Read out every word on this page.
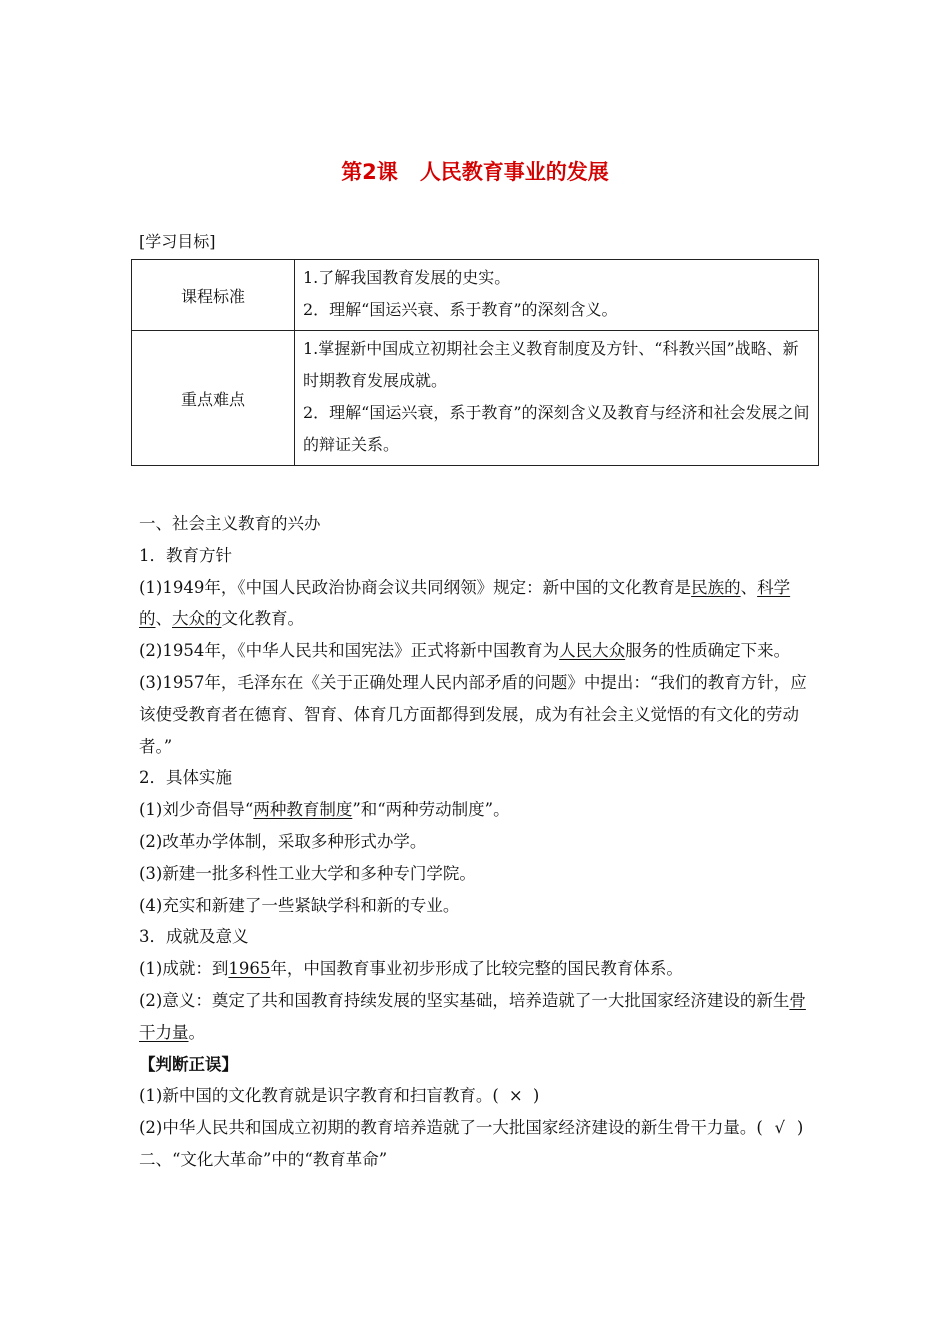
第2课 人民教育事业的发展
[学习目标]
课程标准	1.了解我国教育发展的史实。

2．理解“国运兴衰、系于教育”的深刻含义。

重点难点	1.掌握新中国成立初期社会主义教育制度及方针、“科教兴国”战略、新时期教育发展成就。

2．理解“国运兴衰，系于教育”的深刻含义及教育与经济和社会发展之间的辩证关系。

一、社会主义教育的兴办

1．教育方针

(1)1949年，《中国人民政治协商会议共同纲领》规定：新中国的文化教育是民族的、科学的、大众的文化教育。

(2)1954年，《中华人民共和国宪法》正式将新中国教育为人民大众服务的性质确定下来。

(3)1957年，毛泽东在《关于正确处理人民内部矛盾的问题》中提出：“我们的教育方针，应该使受教育者在德育、智育、体育几方面都得到发展，成为有社会主义觉悟的有文化的劳动者。”

2．具体实施

(1)刘少奇倡导“两种教育制度”和“两种劳动制度”。

(2)改革办学体制，采取多种形式办学。

(3)新建一批多科性工业大学和多种专门学院。

(4)充实和新建了一些紧缺学科和新的专业。

3．成就及意义

(1)成就：到1965年，中国教育事业初步形成了比较完整的国民教育体系。

(2)意义：奠定了共和国教育持续发展的坚实基础，培养造就了一大批国家经济建设的新生骨干力量。

【判断正误】

(1)新中国的文化教育就是识字教育和扫盲教育。( × )

(2)中华人民共和国成立初期的教育培养造就了一大批国家经济建设的新生骨干力量。( √ )

二、“文化大革命”中的“教育革命”
